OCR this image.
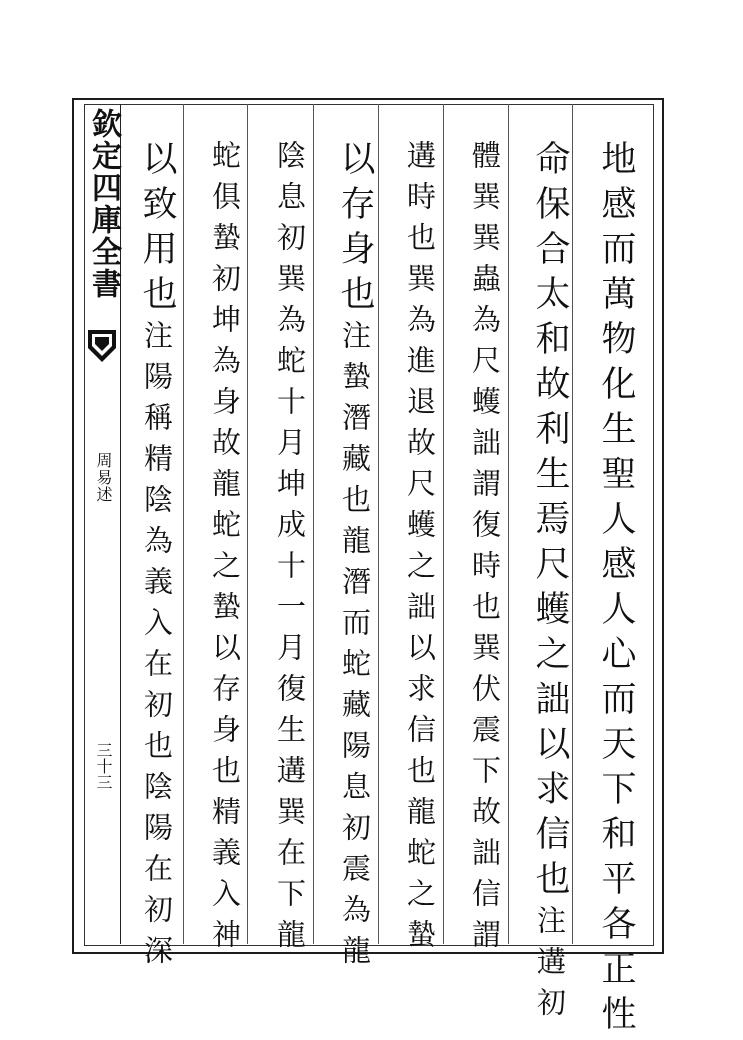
欽定四庫全書
周易述
三十三	地感而萬物化生聖人感人心而天下和平各正性
命保合太和故利生焉尺蠖之詘以求信也注遘初
體巽巽蟲為尺蠖詘謂復時也巽伏震下故詘信謂
遘時也巽為進退故尺蠖之詘以求信也龍蛇之蟄
以存身也注蟄潛藏也龍潛而蛇藏陽息初震為龍
陰息初巽為蛇十月坤成十一月復生遘巽在下龍
蛇俱蟄初坤為身故龍蛇之蟄以存身也精義入神
以致用也注陽稱精陰為義入在初也陰陽在初深
